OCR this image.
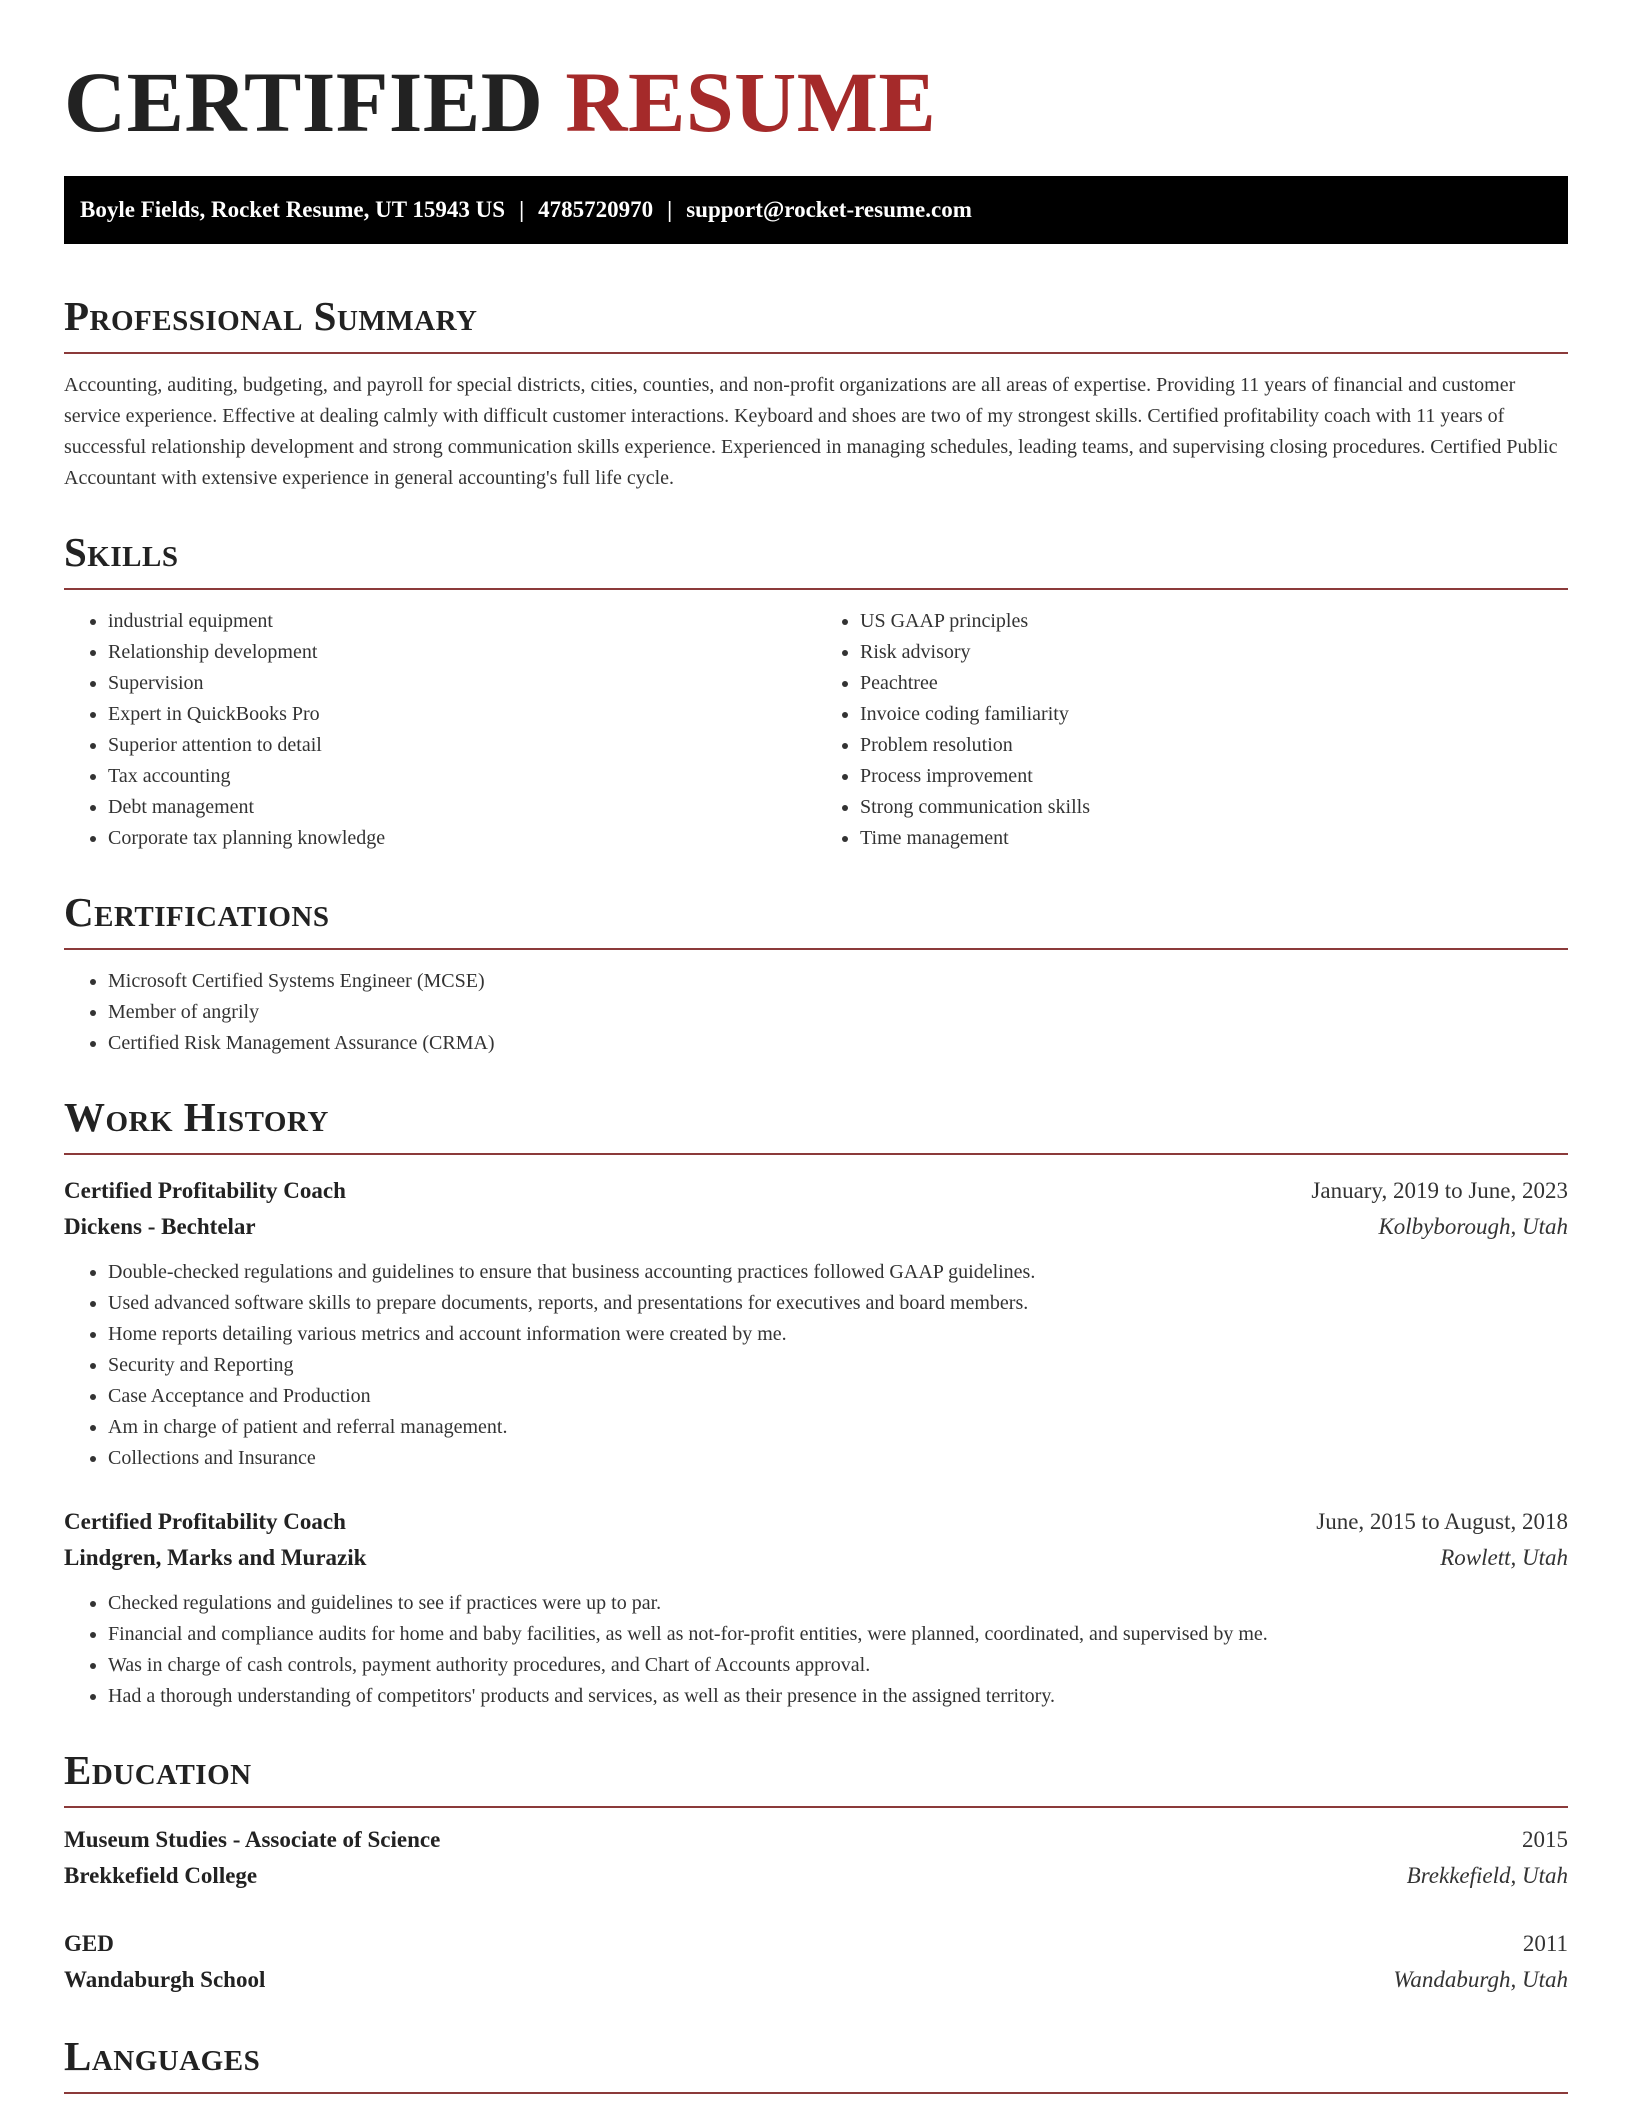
CERTIFIED RESUME
Boyle Fields, Rocket Resume, UT 15943 US | 4785720970 | support@rocket-resume.com
Professional Summary

Accounting, auditing, budgeting, and payroll for special districts, cities, counties, and non-profit organizations are all areas of expertise. Providing 11 years of financial and customer service experience. Effective at dealing calmly with difficult customer interactions. Keyboard and shoes are two of my strongest skills. Certified profitability coach with 11 years of successful relationship development and strong communication skills experience. Experienced in managing schedules, leading teams, and supervising closing procedures. Certified Public Accountant with extensive experience in general accounting's full life cycle.

Skills
• industrial equipment
• Relationship development
• Supervision
• Expert in QuickBooks Pro
• Superior attention to detail
• Tax accounting
• Debt management
• Corporate tax planning knowledge
• US GAAP principles
• Risk advisory
• Peachtree
• Invoice coding familiarity
• Problem resolution
• Process improvement
• Strong communication skills
• Time management
Certifications
• Microsoft Certified Systems Engineer (MCSE)
• Member of angrily
• Certified Risk Management Assurance (CRMA)
Work History
Certified Profitability Coach	January, 2019 to June, 2023
Dickens - Bechtelar	Kolbyborough, Utah
• Double-checked regulations and guidelines to ensure that business accounting practices followed GAAP guidelines.
• Used advanced software skills to prepare documents, reports, and presentations for executives and board members.
• Home reports detailing various metrics and account information were created by me.
• Security and Reporting
• Case Acceptance and Production
• Am in charge of patient and referral management.
• Collections and Insurance
Certified Profitability Coach	June, 2015 to August, 2018
Lindgren, Marks and Murazik	Rowlett, Utah
• Checked regulations and guidelines to see if practices were up to par.
• Financial and compliance audits for home and baby facilities, as well as not-for-profit entities, were planned, coordinated, and supervised by me.
• Was in charge of cash controls, payment authority procedures, and Chart of Accounts approval.
• Had a thorough understanding of competitors' products and services, as well as their presence in the assigned territory.
Education
Museum Studies - Associate of Science	2015
Brekkefield College	Brekkefield, Utah
GED	2011
Wandaburgh School	Wandaburgh, Utah
Languages
